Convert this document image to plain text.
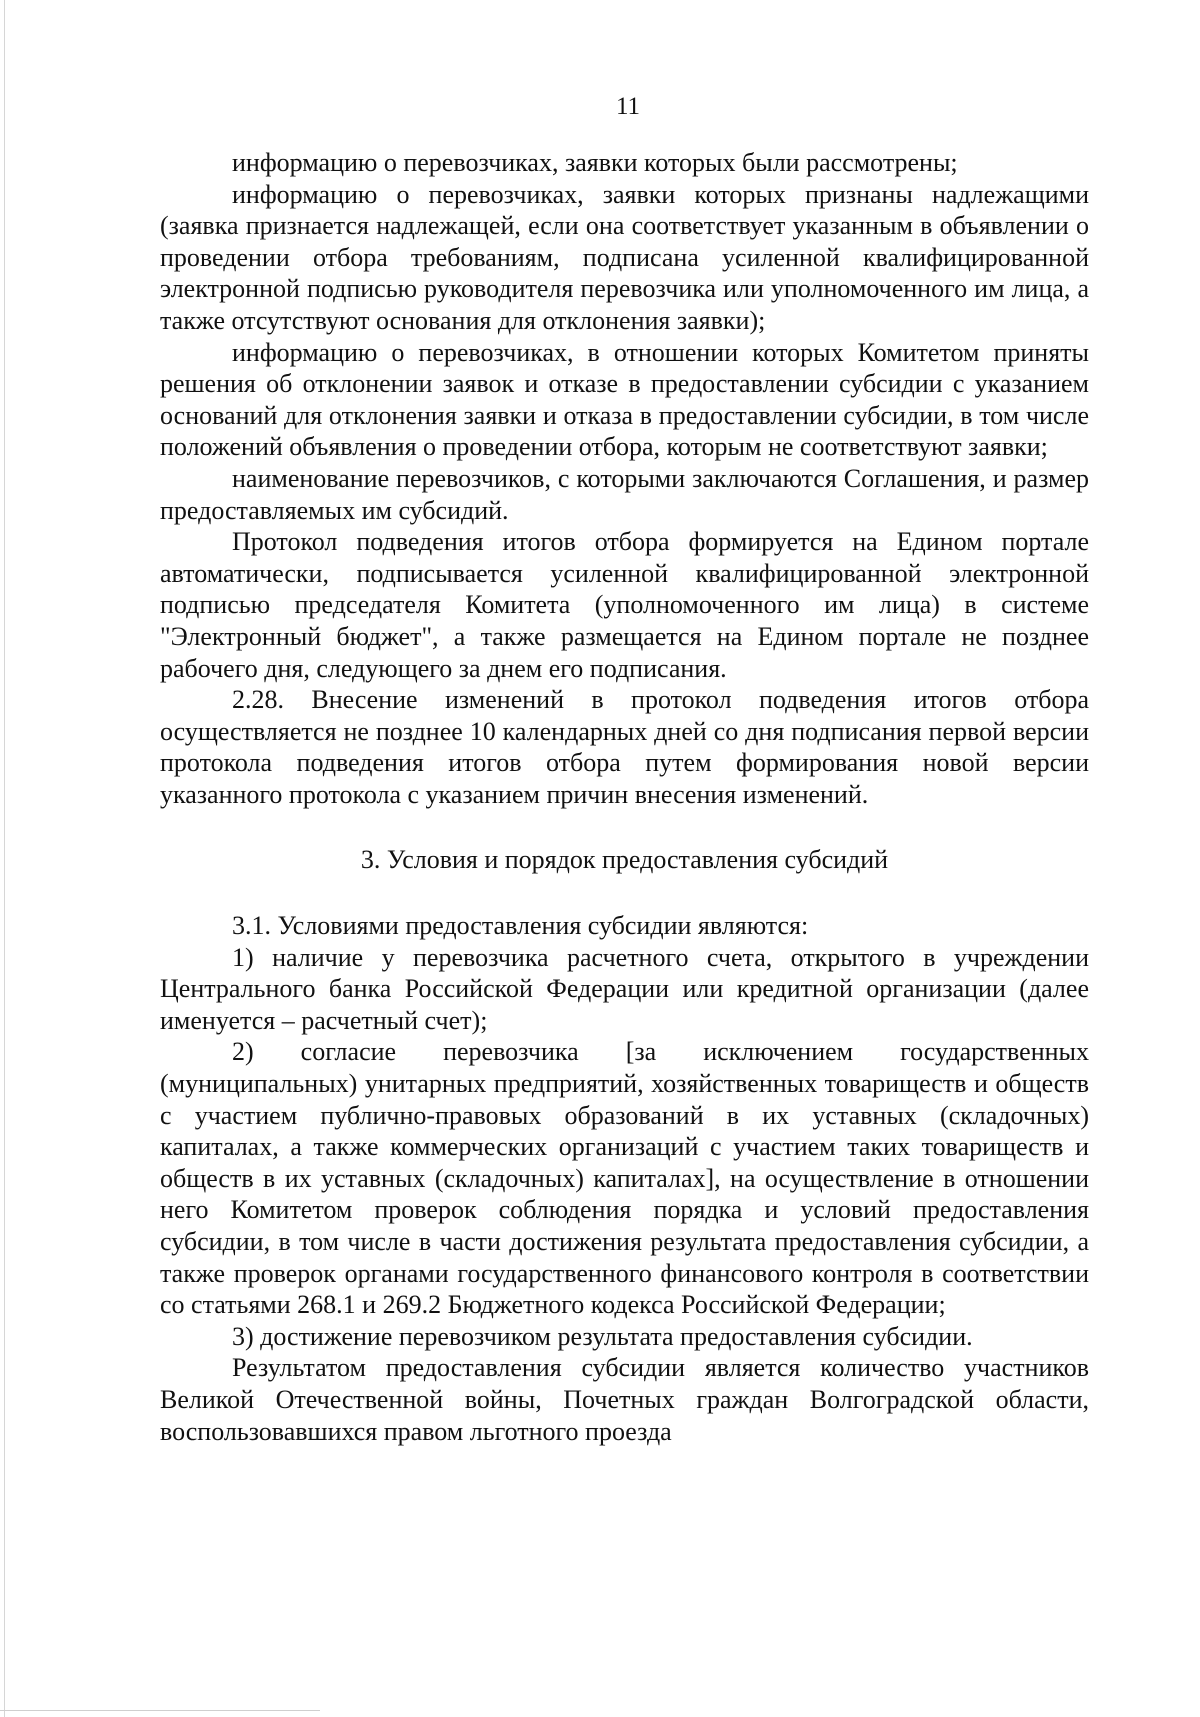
11

информацию о перевозчиках, заявки которых были рассмотрены;

информацию о перевозчиках, заявки которых признаны надлежащими (заявка признается надлежащей, если она соответствует указанным в объявлении о проведении отбора требованиям, подписана усиленной квалифицированной электронной подписью руководителя перевозчика или уполномоченного им лица, а также отсутствуют основания для отклонения заявки);

информацию о перевозчиках, в отношении которых Комитетом приняты решения об отклонении заявок и отказе в предоставлении субсидии с указанием оснований для отклонения заявки и отказа в предоставлении субсидии, в том числе положений объявления о проведении отбора, которым не соответствуют заявки;

наименование перевозчиков, с которыми заключаются Соглашения, и размер предоставляемых им субсидий.

Протокол подведения итогов отбора формируется на Едином портале автоматически, подписывается усиленной квалифицированной электронной подписью председателя Комитета (уполномоченного им лица) в системе "Электронный бюджет", а также размещается на Едином портале не позднее рабочего дня, следующего за днем его подписания.

2.28. Внесение изменений в протокол подведения итогов отбора осуществляется не позднее 10 календарных дней со дня подписания первой версии протокола подведения итогов отбора путем формирования новой версии указанного протокола с указанием причин внесения изменений.

3. Условия и порядок предоставления субсидий

3.1. Условиями предоставления субсидии являются:

1) наличие у перевозчика расчетного счета, открытого в учреждении Центрального банка Российской Федерации или кредитной организации (далее именуется – расчетный счет);

2) согласие перевозчика [за исключением государственных (муниципальных) унитарных предприятий, хозяйственных товариществ и обществ с участием публично-правовых образований в их уставных (складочных) капиталах, а также коммерческих организаций с участием таких товариществ и обществ в их уставных (складочных) капиталах], на осуществление в отношении него Комитетом проверок соблюдения порядка и условий предоставления субсидии, в том числе в части достижения результата предоставления субсидии, а также проверок органами государственного финансового контроля в соответствии со статьями 268.1 и 269.2 Бюджетного кодекса Российской Федерации;

3) достижение перевозчиком результата предоставления субсидии.

Результатом предоставления субсидии является количество участников Великой Отечественной войны, Почетных граждан Волгоградской области, воспользовавшихся правом льготного проезда
